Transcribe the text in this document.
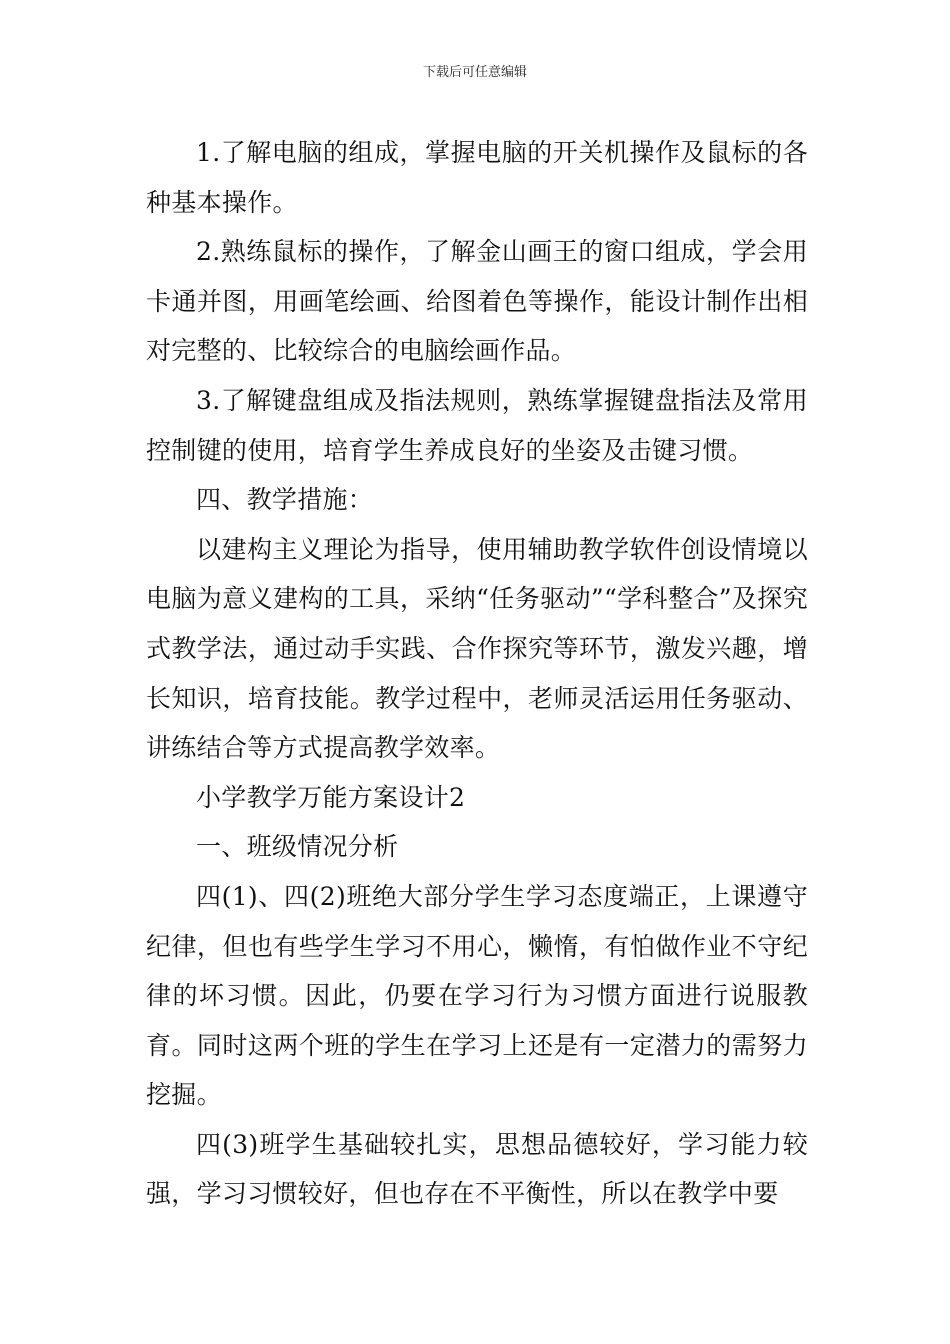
下载后可任意编辑

1.了解电脑的组成，掌握电脑的开关机操作及鼠标的各种基本操作。

2.熟练鼠标的操作，了解金山画王的窗口组成，学会用卡通并图，用画笔绘画、给图着色等操作，能设计制作出相对完整的、比较综合的电脑绘画作品。

3.了解键盘组成及指法规则，熟练掌握键盘指法及常用控制键的使用，培育学生养成良好的坐姿及击键习惯。

四、教学措施：

以建构主义理论为指导，使用辅助教学软件创设情境以电脑为意义建构的工具，采纳“任务驱动”“学科整合”及探究式教学法，通过动手实践、合作探究等环节，激发兴趣，增长知识，培育技能。教学过程中，老师灵活运用任务驱动、讲练结合等方式提高教学效率。

小学教学万能方案设计2

一、班级情况分析

四(1)、四(2)班绝大部分学生学习态度端正，上课遵守纪律，但也有些学生学习不用心，懒惰，有怕做作业不守纪律的坏习惯。因此，仍要在学习行为习惯方面进行说服教育。同时这两个班的学生在学习上还是有一定潜力的需努力挖掘。

四(3)班学生基础较扎实，思想品德较好，学习能力较强，学习习惯较好，但也存在不平衡性，所以在教学中要
